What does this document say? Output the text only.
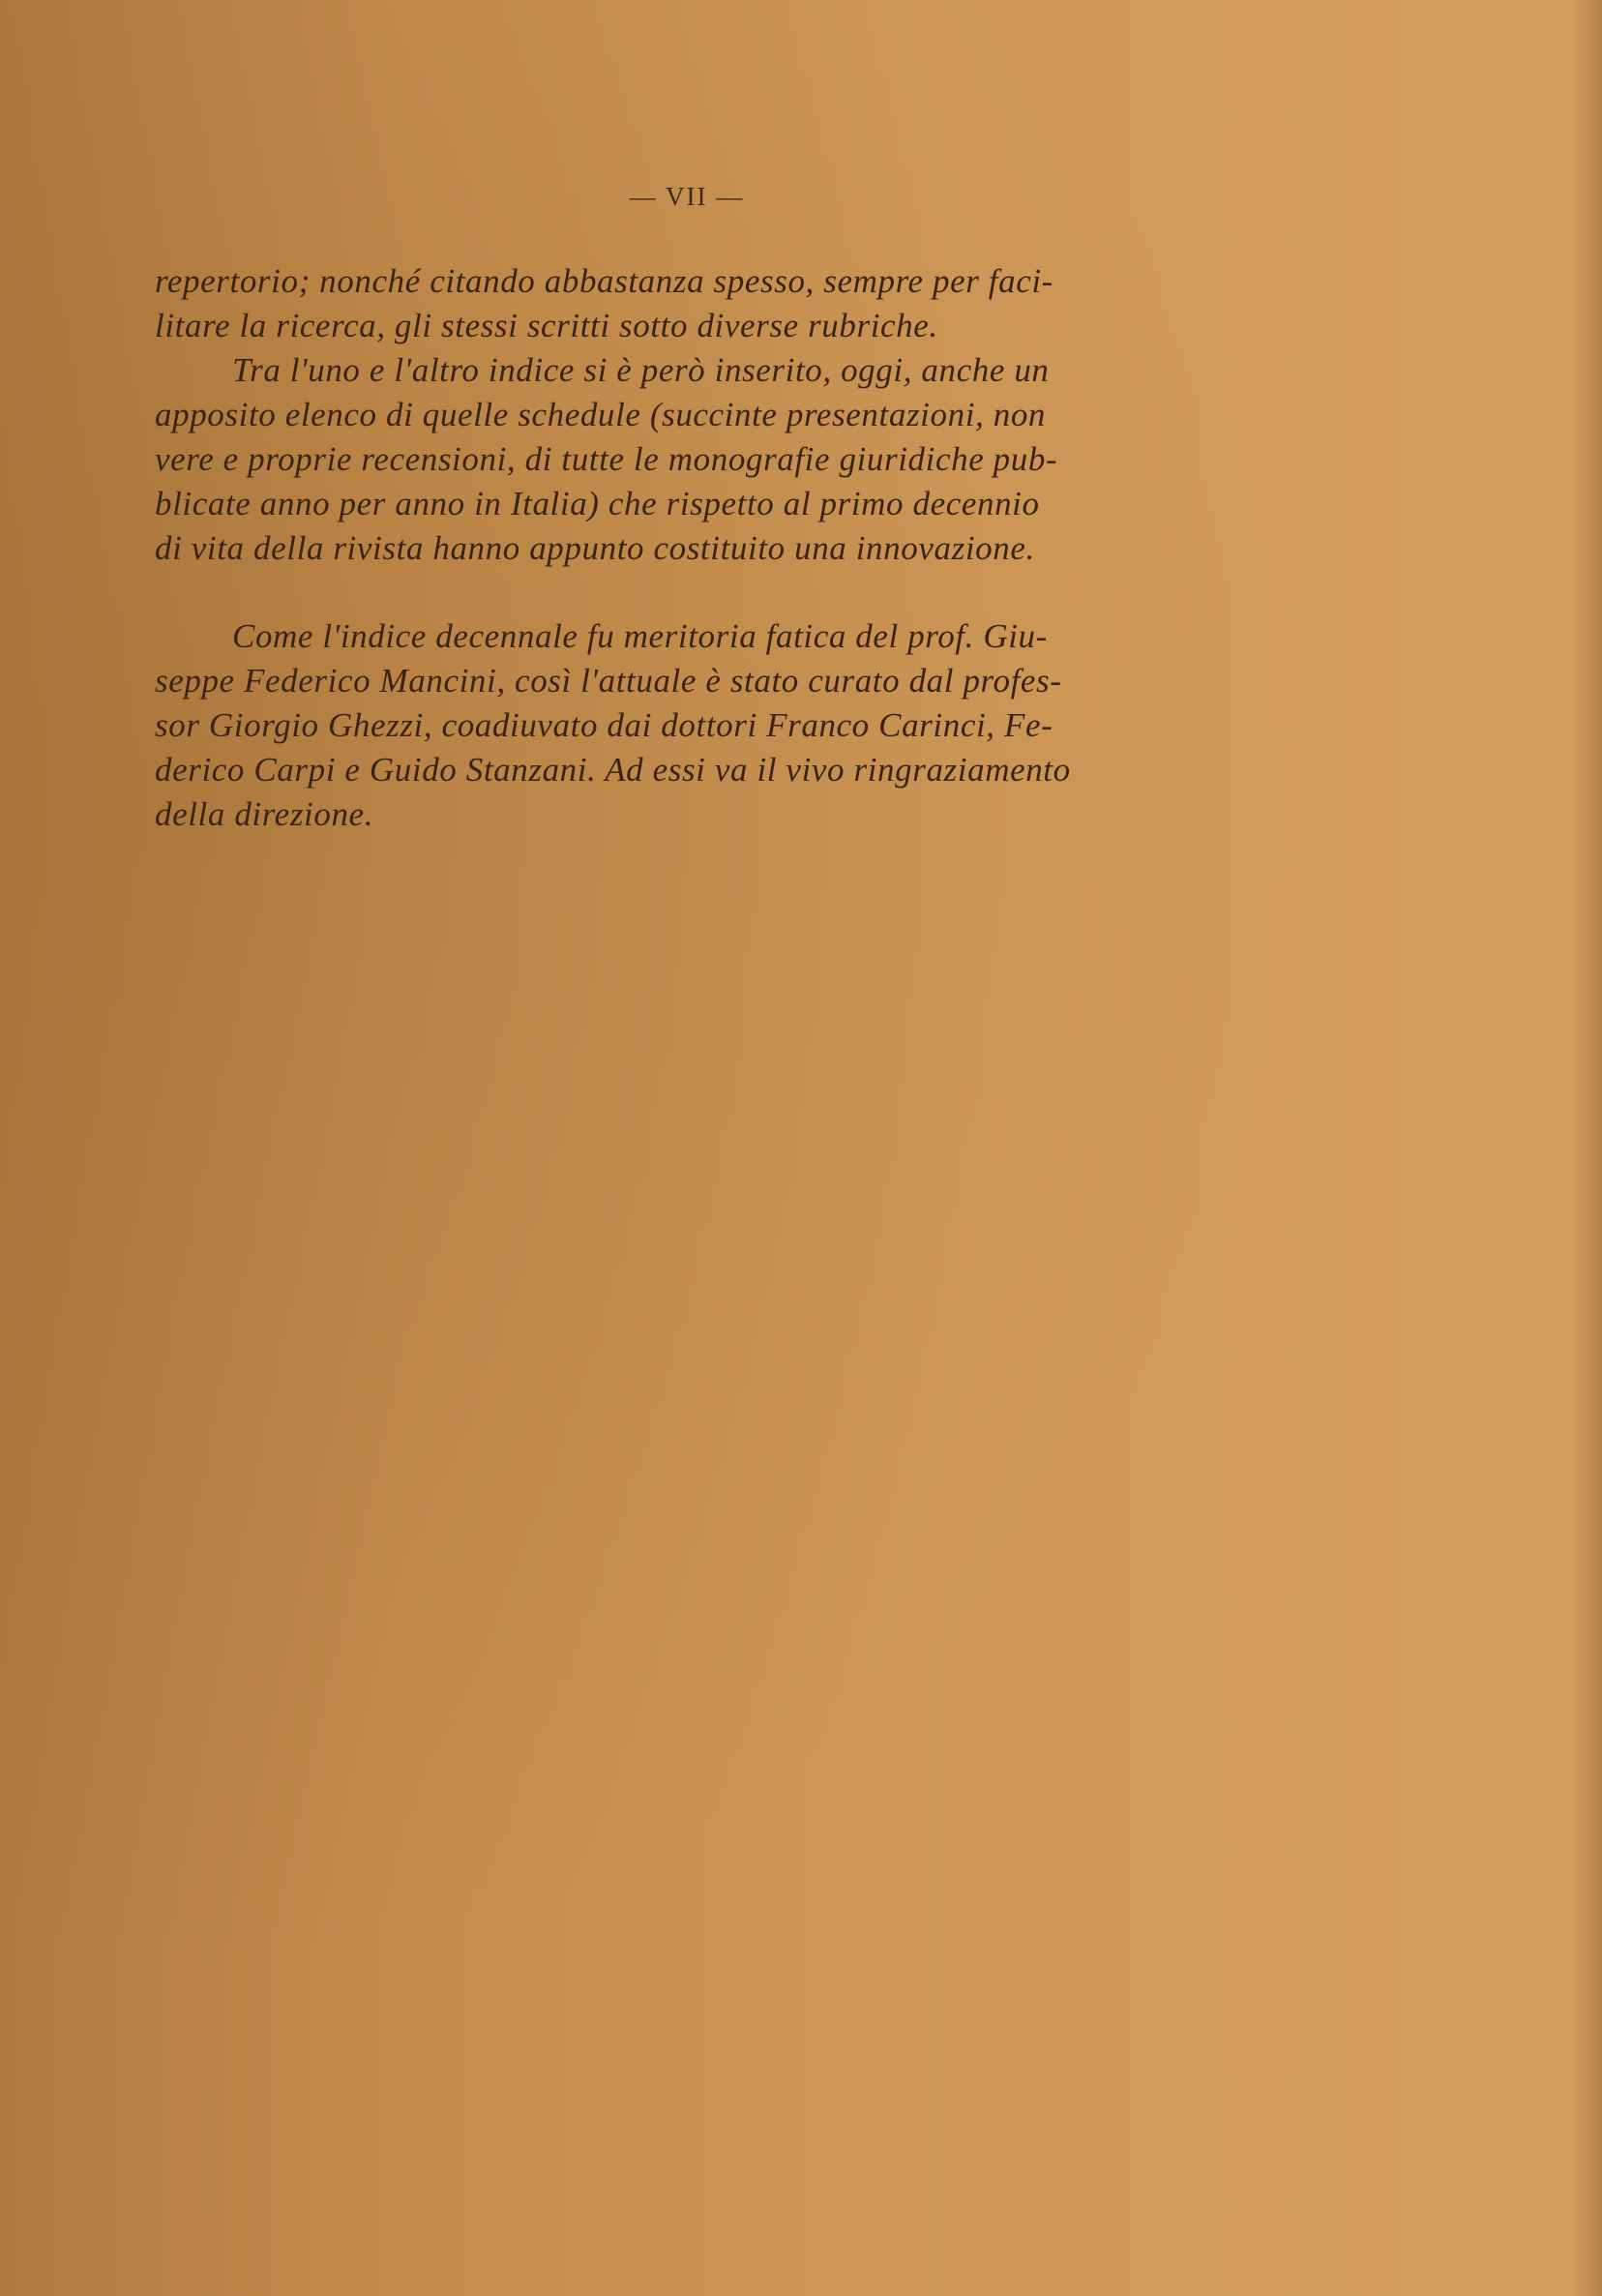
— VII —
repertorio; nonché citando abbastanza spesso, sempre per faci-
litare la ricerca, gli stessi scritti sotto diverse rubriche.
Tra l'uno e l'altro indice si è però inserito, oggi, anche un
apposito elenco di quelle schedule (succinte presentazioni, non
vere e proprie recensioni, di tutte le monografie giuridiche pub-
blicate anno per anno in Italia) che rispetto al primo decennio
di vita della rivista hanno appunto costituito una innovazione.
Come l'indice decennale fu meritoria fatica del prof. Giu-
seppe Federico Mancini, così l'attuale è stato curato dal profes-
sor Giorgio Ghezzi, coadiuvato dai dottori Franco Carinci, Fe-
derico Carpi e Guido Stanzani. Ad essi va il vivo ringraziamento
della direzione.
